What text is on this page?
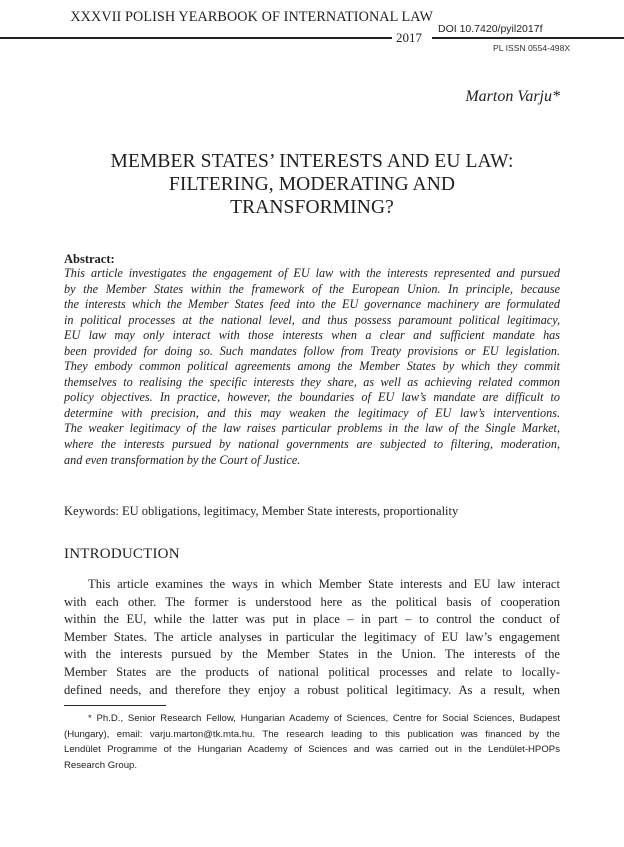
XXXVII POLISH YEARBOOK OF INTERNATIONAL LAW
2017
DOI 10.7420/pyil2017f
PL ISSN 0554-498X
Marton Varju*
MEMBER STATES’ INTERESTS AND EU LAW:
FILTERING, MODERATING AND
TRANSFORMING?
Abstract:
This article investigates the engagement of EU law with the interests represented and pursued
by the Member States within the framework of the European Union. In principle, because
the interests which the Member States feed into the EU governance machinery are formulated
in political processes at the national level, and thus possess paramount political legitimacy,
EU law may only interact with those interests when a clear and sufficient mandate has
been provided for doing so. Such mandates follow from Treaty provisions or EU legislation.
They embody common political agreements among the Member States by which they commit
themselves to realising the specific interests they share, as well as achieving related common
policy objectives. In practice, however, the boundaries of EU law’s mandate are difficult to
determine with precision, and this may weaken the legitimacy of EU law’s interventions.
The weaker legitimacy of the law raises particular problems in the law of the Single Market,
where the interests pursued by national governments are subjected to filtering, moderation,
and even transformation by the Court of Justice.
Keywords: EU obligations, legitimacy, Member State interests, proportionality
INTRODUCTION
This article examines the ways in which Member State interests and EU law interact
with each other. The former is understood here as the political basis of cooperation
within the EU, while the latter was put in place – in part – to control the conduct of
Member States. The article analyses in particular the legitimacy of EU law’s engagement
with the interests pursued by the Member States in the Union. The interests of the
Member States are the products of national political processes and relate to locally-
defined needs, and therefore they enjoy a robust political legitimacy. As a result, when
* Ph.D., Senior Research Fellow, Hungarian Academy of Sciences, Centre for Social Sciences, Budapest
(Hungary), email: varju.marton@tk.mta.hu. The research leading to this publication was financed by the
Lendület Programme of the Hungarian Academy of Sciences and was carried out in the Lendület-HPOPs
Research Group.
